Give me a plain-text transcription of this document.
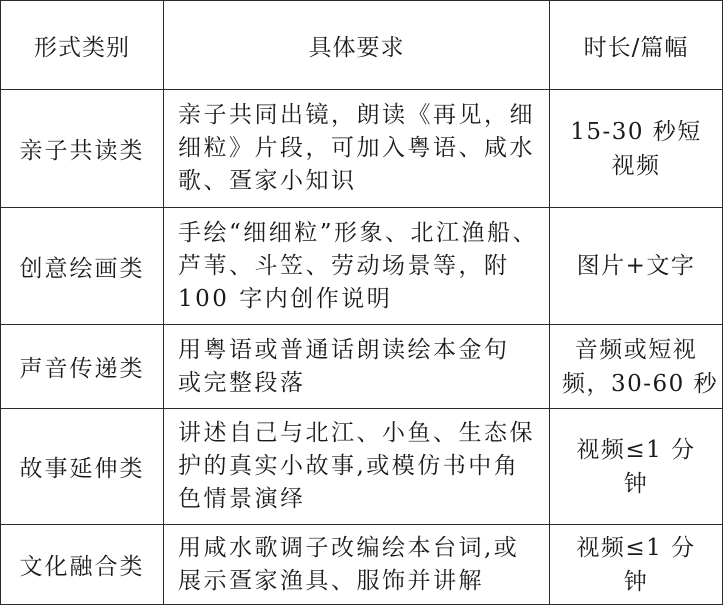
形式类别	具体要求	时长/篇幅
亲子共读类	亲子共同出镜，朗读《再见，细
细粒》片段，可加入粤语、咸水
歌、疍家小知识	15-30 秒短
视频

创意绘画类	手绘“细细粒”形象、北江渔船、
芦苇、斗笠、劳动场景等，附
100 字内创作说明	图片+文字

声音传递类	用粤语或普通话朗读绘本金句
或完整段落	音频或短视
频，30-60 秒

故事延伸类	讲述自己与北江、小鱼、生态保
护的真实小故事,或模仿书中角
色情景演绎	视频≤1 分
钟

文化融合类	用咸水歌调子改编绘本台词,或
展示疍家渔具、服饰并讲解	视频≤1 分
钟
